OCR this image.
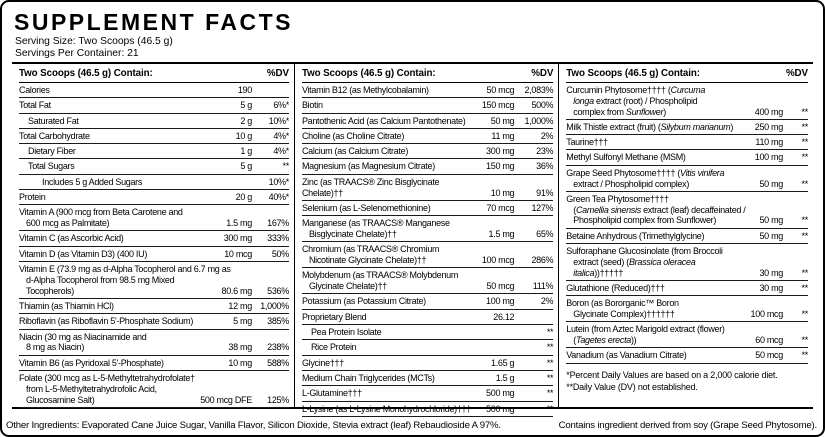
SUPPLEMENT FACTS
Serving Size: Two Scoops (46.5 g)
Servings Per Container: 21
Two Scoops (46.5 g) Contain:	%DV
Calories	190
Total Fat	5 g	6%*
Saturated Fat	2 g	10%*
Total Carbohydrate	10 g	4%*
Dietary Fiber	1 g	4%*
Total Sugars	5 g	**
Includes 5 g Added Sugars	10%*
Protein	20 g	40%*
Vitamin A (900 mcg from Beta Carotene and
600 mcg as Palmitate)	1.5 mg	167%
Vitamin C (as Ascorbic Acid)	300 mg	333%
Vitamin D (as Vitamin D3) (400 IU)	10 mcg	50%
Vitamin E (73.9 mg as d-Alpha Tocopherol and 6.7 mg as
d-Alpha Tocopherol from 98.5 mg Mixed Tocopherols)	80.6 mg	536%
Thiamin (as Thiamin HCl)	12 mg 1,000%
Riboflavin (as Riboflavin 5'-Phosphate Sodium)	5 mg	385%
Niacin (30 mg as Niacinamide and
8 mg as Niacin)	38 mg	238%
Vitamin B6 (as Pyridoxal 5'-Phosphate)	10 mg	588%
Folate (300 mcg as L-5-Methyltetrahydrofolate†
from L-5-Methyltetrahydrofolic Acid,
Glucosamine Salt)	500 mcg DFE	125%
Two Scoops (46.5 g) Contain:	%DV
Vitamin B12 (as Methylcobalamin)	50 mcg	2,083%
Biotin	150 mcg	500%
Pantothenic Acid (as Calcium Pantothenate)	50 mg	1,000%
Choline (as Choline Citrate)	11 mg	2%
Calcium (as Calcium Citrate)	300 mg	23%
Magnesium (as Magnesium Citrate)	150 mg	36%
Zinc (as TRAACS® Zinc Bisglycinate Chelate)††	10 mg	91%
Selenium (as L-Selenomethionine)	70 mcg	127%
Manganese (as TRAACS® Manganese
Bisglycinate Chelate)††	1.5 mg	65%
Chromium (as TRAACS® Chromium
Nicotinate Glycinate Chelate)††	100 mcg	286%
Molybdenum (as TRAACS® Molybdenum
Glycinate Chelate)††	50 mcg	111%
Potassium (as Potassium Citrate)	100 mg	2%
Proprietary Blend	26.12
Pea Protein Isolate	**
Rice Protein	**
Glycine†††	1.65 g	**
Medium Chain Triglycerides (MCTs)	1.5 g	**
L-Glutamine†††	500 mg	**
L-Lysine (as L-Lysine Monohydrochloride)†††	500 mg	**
Two Scoops (46.5 g) Contain:	%DV
Curcumin Phytosome†††† (Curcuma
longa extract (root) / Phospholipid
complex from Sunflower)	400 mg	**
Milk Thistle extract (fruit) (Silybum marianum)	250 mg	**
Taurine†††	110 mg	**
Methyl Sulfonyl Methane (MSM)	100 mg	**
Grape Seed Phytosome†††† (Vitis vinifera
extract / Phospholipid complex)	50 mg	**
Green Tea Phytosome††††
(Camellia sinensis extract (leaf) decaffeinated /
Phospholipid complex from Sunflower)	50 mg	**
Betaine Anhydrous (Trimethylglycine)	50 mg	**
Sulforaphane Glucosinolate (from Broccoli
extract (seed) (Brassica oleracea italica))†††††	30 mg	**
Glutathione (Reduced)†††	30 mg	**
Boron (as Bororganic™ Boron
Glycinate Complex)††††††	100 mcg	**
Lutein (from Aztec Marigold extract (flower)
(Tagetes erecta))	60 mcg	**
Vanadium (as Vanadium Citrate)	50 mcg	**
*Percent Daily Values are based on a 2,000 calorie diet.
**Daily Value (DV) not established.
Other Ingredients: Evaporated Cane Juice Sugar, Vanilla Flavor, Silicon Dioxide, Stevia extract (leaf) Rebaudioside A 97%.	Contains ingredient derived from soy (Grape Seed Phytosome).
